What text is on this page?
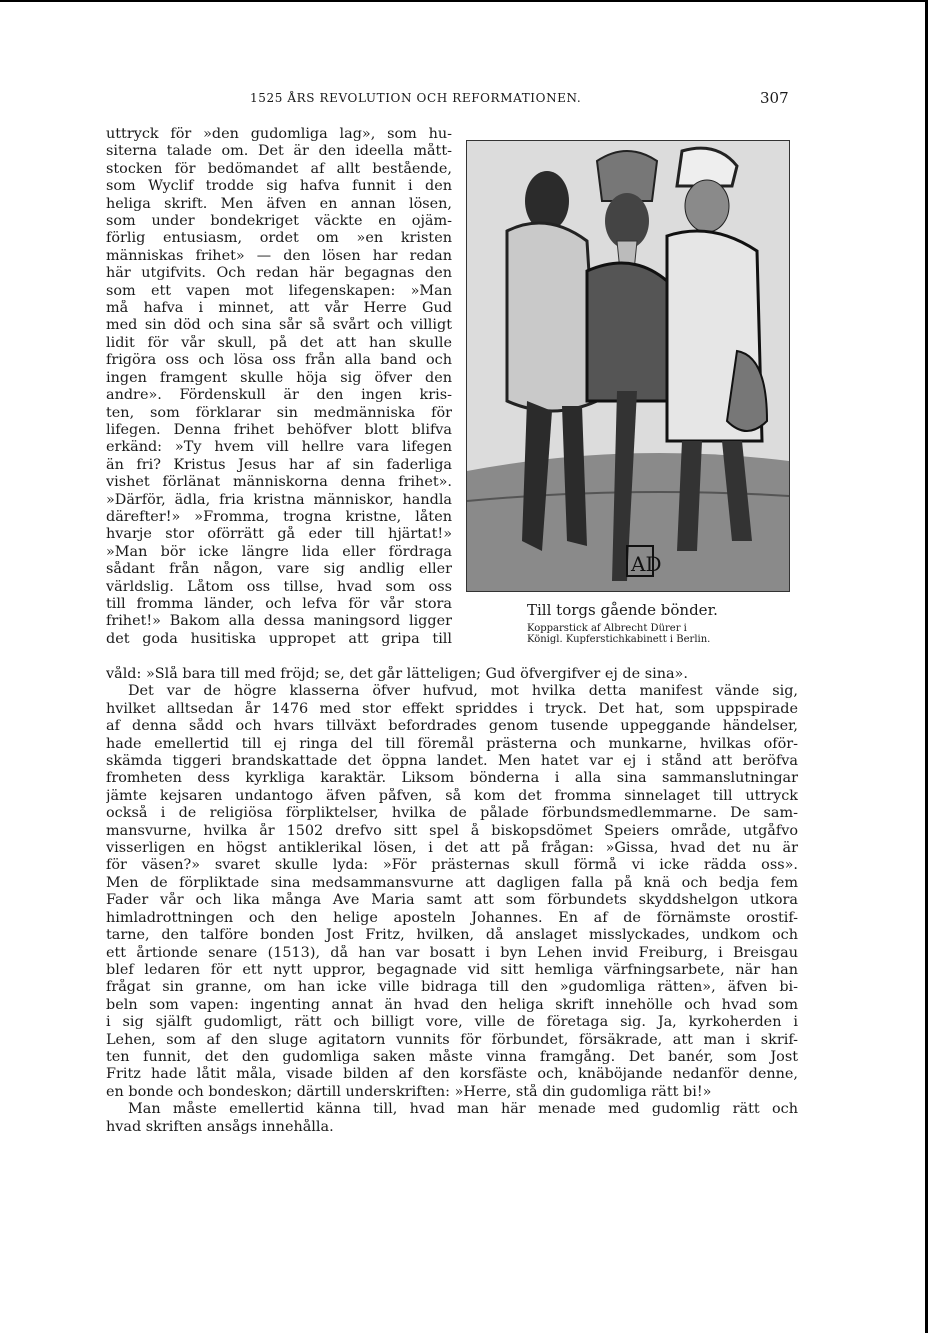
1525 ÅRS REVOLUTION OCH REFORMATIONEN.	307
uttryck för »den gudomliga lag», som hu-
siterna talade om. Det är den ideella mått-
stocken för bedömandet af allt bestående,
som Wyclif trodde sig hafva funnit i den
heliga skrift. Men äfven en annan lösen,
som under bondekriget väckte en ojäm-
förlig entusiasm, ordet om »en kristen
människas frihet» — den lösen har redan
här utgifvits. Och redan här begagnas den
som ett vapen mot lifegenskapen: »Man
må hafva i minnet, att vår Herre Gud
med sin död och sina sår så svårt och villigt
lidit för vår skull, på det att han skulle
frigöra oss och lösa oss från alla band och
ingen framgent skulle höja sig öfver den
andre». Fördenskull är den ingen kris-
ten, som förklarar sin medmänniska för
lifegen. Denna frihet behöfver blott blifva
erkänd: »Ty hvem vill hellre vara lifegen
än fri? Kristus Jesus har af sin faderliga
vishet förlänat människorna denna frihet».
»Därför, ädla, fria kristna människor, handla
därefter!» »Fromma, trogna kristne, låten
hvarje stor oförrätt gå eder till hjärtat!»
»Man bör icke längre lida eller fördraga
sådant från någon, vare sig andlig eller
världslig. Låtom oss tillse, hvad som oss
till fromma länder, och lefva för vår stora
frihet!» Bakom alla dessa maningsord ligger
det goda husitiska uppropet att gripa till
AD
Till torgs gående bönder.
Kopparstick af Albrecht Dürer i
Königl. Kupferstichkabinett i Berlin.
våld: »Slå bara till med fröjd; se, det går lätteligen; Gud öfvergifver ej de sina».
Det var de högre klasserna öfver hufvud, mot hvilka detta manifest vände sig,
hvilket alltsedan år 1476 med stor effekt spriddes i tryck. Det hat, som uppspirade
af denna sådd och hvars tillväxt befordrades genom tusende uppeggande händelser,
hade emellertid till ej ringa del till föremål prästerna och munkarne, hvilkas oför-
skämda tiggeri brandskattade det öppna landet. Men hatet var ej i stånd att beröfva
fromheten dess kyrkliga karaktär. Liksom bönderna i alla sina sammanslutningar
jämte kejsaren undantogo äfven påfven, så kom det fromma sinnelaget till uttryck
också i de religiösa förpliktelser, hvilka de pålade förbundsmedlemmarne. De sam-
mansvurne, hvilka år 1502 drefvo sitt spel å biskopsdömet Speiers område, utgåfvo
visserligen en högst antiklerikal lösen, i det att på frågan: »Gissa, hvad det nu är
för väsen?» svaret skulle lyda: »För prästernas skull förmå vi icke rädda oss».
Men de förpliktade sina medsammansvurne att dagligen falla på knä och bedja fem
Fader vår och lika många Ave Maria samt att som förbundets skyddshelgon utkora
himladrottningen och den helige aposteln Johannes. En af de förnämste orostif-
tarne, den talföre bonden Jost Fritz, hvilken, då anslaget misslyckades, undkom och
ett årtionde senare (1513), då han var bosatt i byn Lehen invid Freiburg, i Breisgau
blef ledaren för ett nytt uppror, begagnade vid sitt hemliga värfningsarbete, när han
frågat sin granne, om han icke ville bidraga till den »gudomliga rätten», äfven bi-
beln som vapen: ingenting annat än hvad den heliga skrift innehölle och hvad som
i sig själft gudomligt, rätt och billigt vore, ville de företaga sig. Ja, kyrkoherden i
Lehen, som af den sluge agitatorn vunnits för förbundet, försäkrade, att man i skrif-
ten funnit, det den gudomliga saken måste vinna framgång. Det banér, som Jost
Fritz hade låtit måla, visade bilden af den korsfäste och, knäböjande nedanför denne,
en bonde och bondeskon; därtill underskriften: »Herre, stå din gudomliga rätt bi!»
Man måste emellertid känna till, hvad man här menade med gudomlig rätt och
hvad skriften ansågs innehålla.
